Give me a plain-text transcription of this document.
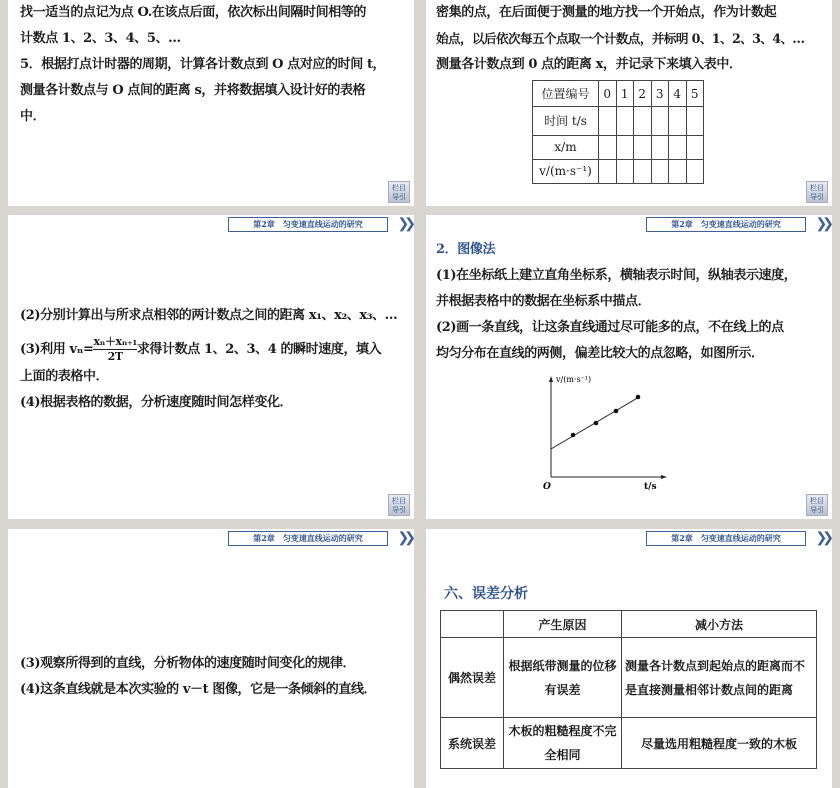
找一适当的点记为点 O.在该点后面，依次标出间隔时间相等的

计数点 1、2、3、4、5、…

5．根据打点计时器的周期，计算各计数点到 O 点对应的时间 t，

测量各计数点与 O 点间的距离 s，并将数据填入设计好的表格

中．

栏目导引

密集的点，在后面便于测量的地方找一个开始点，作为计数起

始点，以后依次每五个点取一个计数点，并标明 0、1、2、3、4、…

测量各计数点到 0 点的距离 x，并记录下来填入表中．

位置编号	0	1	2	3	4	5
时间 t/s						
x/m						
v/(m·s⁻¹)						
栏目导引
第2章　匀变速直线运动的研究	❯❯

(2)分别计算出与所求点相邻的两计数点之间的距离 x₁、x₂、x₃、…

(3)利用 $v_n= \frac{\text{xₙ＋xₙ₊₁}}{2T}$ 求得计数点 1、2、3、4 的瞬时速度，填入

上面的表格中．

(4)根据表格的数据，分析速度随时间怎样变化．

栏目导引
第2章　匀变速直线运动的研究	❯❯

2．图像法

(1)在坐标纸上建立直角坐标系，横轴表示时间，纵轴表示速度，

并根据表格中的数据在坐标系中描点．

(2)画一条直线，让这条直线通过尽可能多的点，不在线上的点

均匀分布在直线的两侧，偏差比较大的点忽略，如图所示．

v/(m·s⁻¹)
O	t/s
栏目导引
第2章　匀变速直线运动的研究	❯❯

(3)观察所得到的直线，分析物体的速度随时间变化的规律．

(4)这条直线就是本次实验的 v－t 图像，它是一条倾斜的直线．

第2章　匀变速直线运动的研究	❯❯
六、误差分析
	产生原因	减小方法
偶然误差	根据纸带测量的位移有误差	测量各计数点到起始点的距离而不是直接测量相邻计数点间的距离
系统误差	木板的粗糙程度不完全相同	尽量选用粗糙程度一致的木板
